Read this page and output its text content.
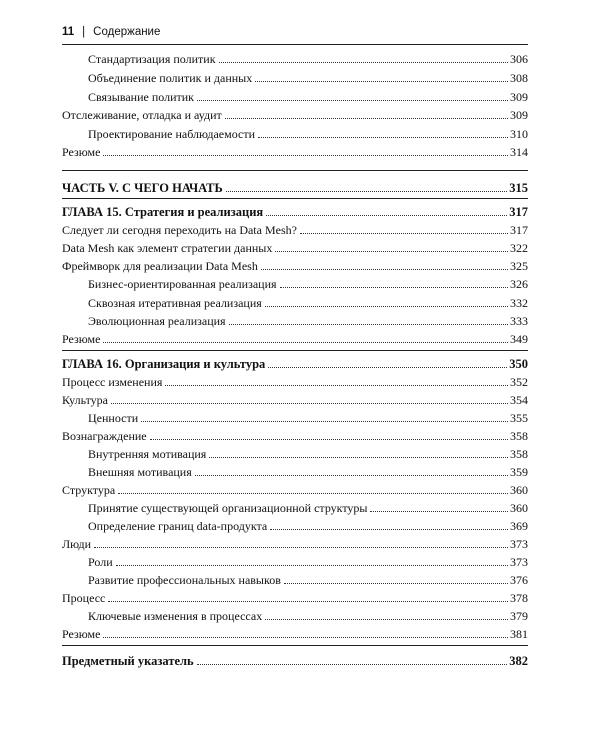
11 | Содержание
Стандартизация политик	306
Объединение политик и данных	308
Связывание политик	309
Отслеживание, отладка и аудит	309
Проектирование наблюдаемости	310
Резюме	314
ЧАСТЬ V. С ЧЕГО НАЧАТЬ	315
ГЛАВА 15. Стратегия и реализация	317
Следует ли сегодня переходить на Data Mesh?	317
Data Mesh как элемент стратегии данных	322
Фреймворк для реализации Data Mesh	325
Бизнес-ориентированная реализация	326
Сквозная итеративная реализация	332
Эволюционная реализация	333
Резюме	349
ГЛАВА 16. Организация и культура	350
Процесс изменения	352
Культура	354
Ценности	355
Вознаграждение	358
Внутренняя мотивация	358
Внешняя мотивация	359
Структура	360
Принятие существующей организационной структуры	360
Определение границ data-продукта	369
Люди	373
Роли	373
Развитие профессиональных навыков	376
Процесс	378
Ключевые изменения в процессах	379
Резюме	381
Предметный указатель	382
